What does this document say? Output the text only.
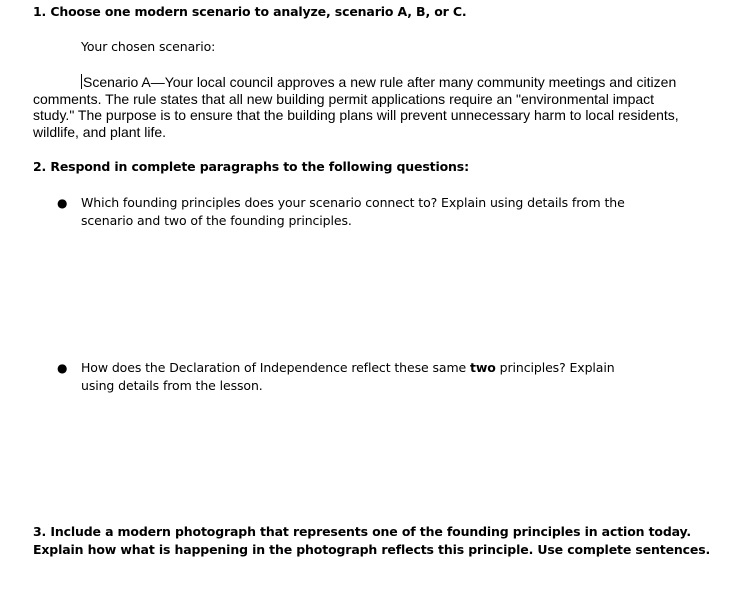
1. Choose one modern scenario to analyze, scenario A, B, or C.

Your chosen scenario:

Scenario A—Your local council approves a new rule after many community meetings and citizen comments. The rule states that all new building permit applications require an "environmental impact study." The purpose is to ensure that the building plans will prevent unnecessary harm to local residents, wildlife, and plant life.

2. Respond in complete paragraphs to the following questions:

●	Which founding principles does your scenario connect to? Explain using details from the scenario and two of the founding principles.
●	How does the Declaration of Independence reflect these same two principles? Explain using details from the lesson.

3. Include a modern photograph that represents one of the founding principles in action today. Explain how what is happening in the photograph reflects this principle. Use complete sentences.
